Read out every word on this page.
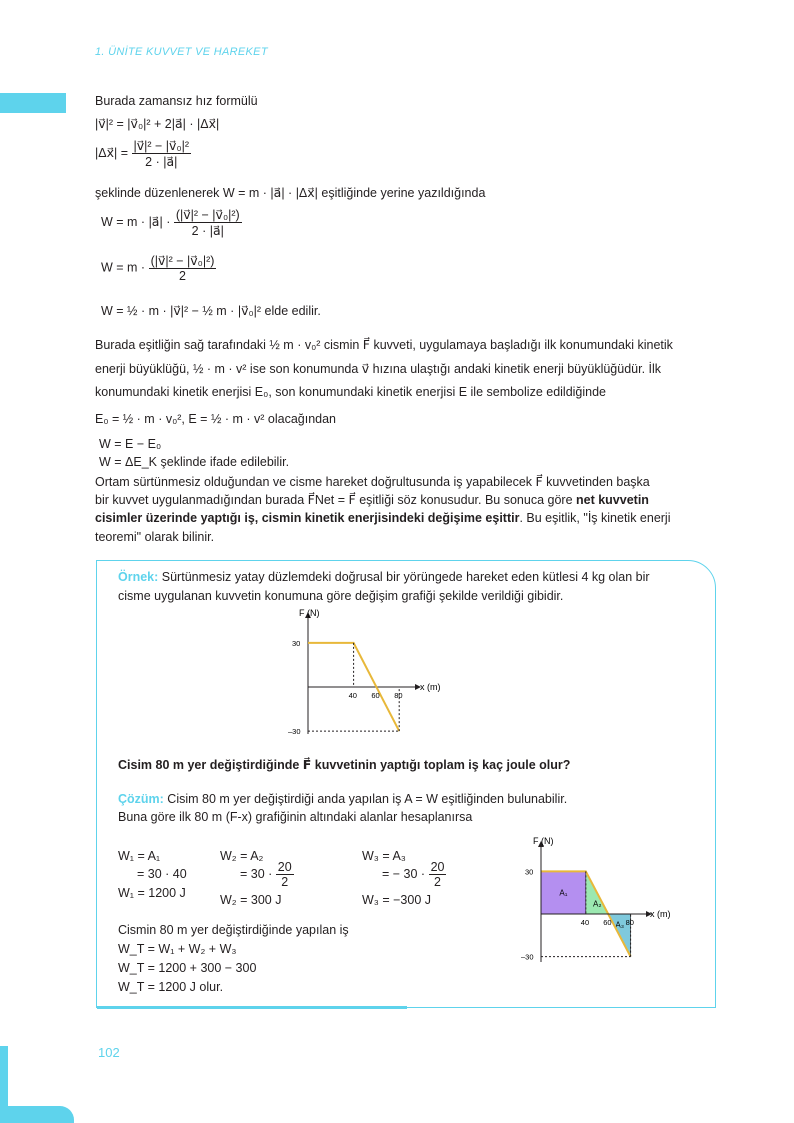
1. ÜNİTE KUVVET VE HAREKET
Burada zamansız hız formülü
|v⃗|² = |v⃗₀|² + 2|a⃗| · |Δx⃗|
|Δx⃗| = $\frac{\text{|v⃗|² − |v⃗₀|²}}{2 \cdot |a⃗|}$
şeklinde düzenlenerek W = m · |a⃗| · |Δx⃗| eşitliğinde yerine yazıldığında
W = m · |a⃗| · $\frac{\text{(|v⃗|² − |v⃗₀|²)}}{2 \cdot |a⃗|}$
$W = m \cdot \frac{\text{(|v⃗|² − |v⃗₀|²)}}{2}$
W = ½ · m · |v⃗|² − ½ m · |v⃗₀|² elde edilir.
Burada eşitliğin sağ tarafındaki ½ m · v₀² cismin F⃗ kuvveti, uygulamaya başladığı ilk konumundaki kinetik
enerji büyüklüğü, ½ · m · v² ise son konumunda v⃗ hızına ulaştığı andaki kinetik enerji büyüklüğüdür. İlk
konumundaki kinetik enerjisi E₀, son konumundaki kinetik enerjisi E ile sembolize edildiğinde
E₀ = ½ · m · v₀², E = ½ · m · v² olacağından
W = E − E₀
W = ΔE_K şeklinde ifade edilebilir.
Ortam sürtünmesiz olduğundan ve cisme hareket doğrultusunda iş yapabilecek F⃗ kuvvetinden başka
bir kuvvet uygulanmadığından burada F⃗Net = F⃗ eşitliği söz konusudur. Bu sonuca göre net kuvvetin
cisimler üzerinde yaptığı iş, cismin kinetik enerjisindeki değişime eşittir. Bu eşitlik, "İş kinetik enerji
teoremi" olarak bilinir.
Örnek: Sürtünmesiz yatay düzlemdeki doğrusal bir yörüngede hareket eden kütlesi 4 kg olan bir
cisme uygulanan kuvvetin konumuna göre değişim grafiği şekilde verildiği gibidir.
40 60 80
30
–30
F (N)
x (m)
Cisim 80 m yer değiştirdiğinde F⃗ kuvvetinin yaptığı toplam iş kaç joule olur?
Çözüm: Cisim 80 m yer değiştirdiği anda yapılan iş A = W eşitliğinden bulunabilir.
Buna göre ilk 80 m (F-x) grafiğinin altındaki alanlar hesaplanırsa
W₁ = A₁
= 30 · 40
W₁ = 1200 J
W₂ = A₂
= $30 \cdot \frac{20}{2}$
W₂ = 300 J
W₃ = A₃
= − $30 \cdot \frac{20}{2}$
W₃ = −300 J
Cismin 80 m yer değiştirdiğinde yapılan iş
W_T = W₁ + W₂ + W₃
W_T = 1200 + 300 − 300
W_T = 1200 J olur.
A₁
A₂
A₃
40 60 80
30
–30
F (N)
x (m)
102
